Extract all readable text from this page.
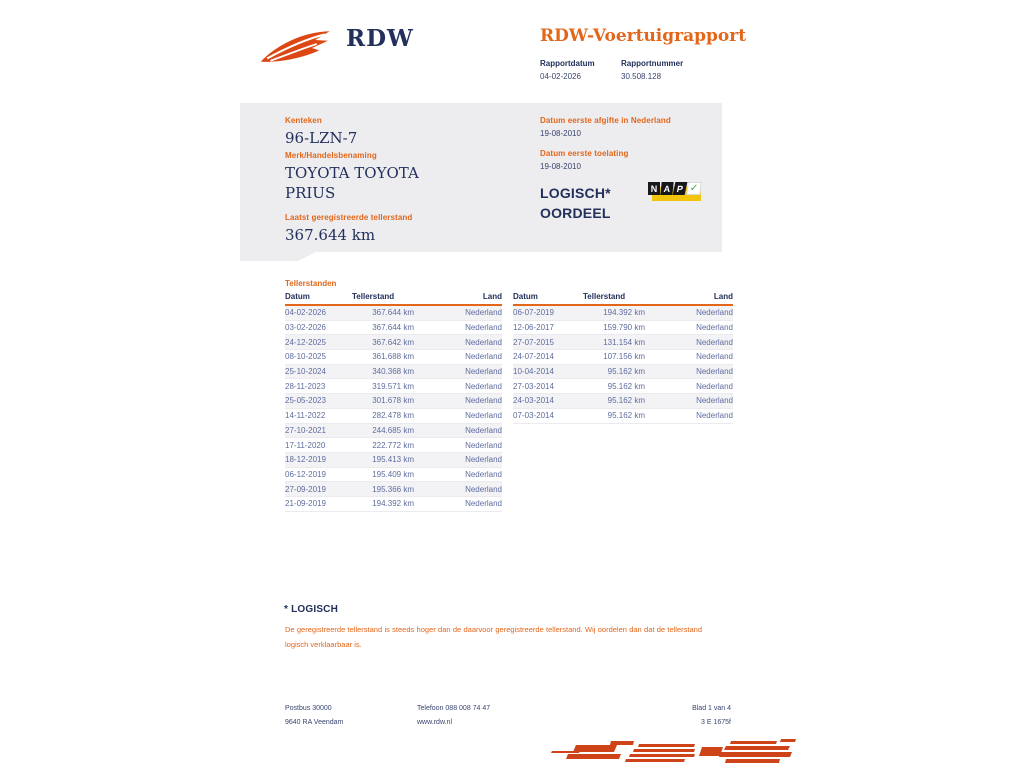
RDW	RDW-Voertuigrapport
Rapportdatum
04-02-2026
Rapportnummer
30.508.128
Kenteken
96-LZN-7
Merk/Handelsbenaming
TOYOTA TOYOTA
PRIUS
Laatst geregistreerde tellerstand
367.644 km
Datum eerste afgifte in Nederland
19-08-2010
Datum eerste toelating
19-08-2010
LOGISCH*
OORDEEL
N A P ✓
Tellerstanden
Datum	Tellerstand	Land
04-02-2026	367.644 km	Nederland
03-02-2026	367.644 km	Nederland
24-12-2025	367.642 km	Nederland
08-10-2025	361.688 km	Nederland
25-10-2024	340.368 km	Nederland
28-11-2023	319.571 km	Nederland
25-05-2023	301.678 km	Nederland
14-11-2022	282.478 km	Nederland
27-10-2021	244.685 km	Nederland
17-11-2020	222.772 km	Nederland
18-12-2019	195.413 km	Nederland
06-12-2019	195.409 km	Nederland
27-09-2019	195.366 km	Nederland
21-09-2019	194.392 km	Nederland
Datum	Tellerstand	Land
06-07-2019	194.392 km	Nederland
12-06-2017	159.790 km	Nederland
27-07-2015	131.154 km	Nederland
24-07-2014	107.156 km	Nederland
10-04-2014	95.162 km	Nederland
27-03-2014	95.162 km	Nederland
24-03-2014	95.162 km	Nederland
07-03-2014	95.162 km	Nederland
* LOGISCH

De geregistreerde tellerstand is steeds hoger dan de daarvoor geregistreerde tellerstand. Wij oordelen dan dat de tellerstand logisch verklaarbaar is.

Postbus 30000
9640 RA Veendam
Telefoon 088 008 74 47
www.rdw.nl
Blad 1 van 4
3 E 1675f
